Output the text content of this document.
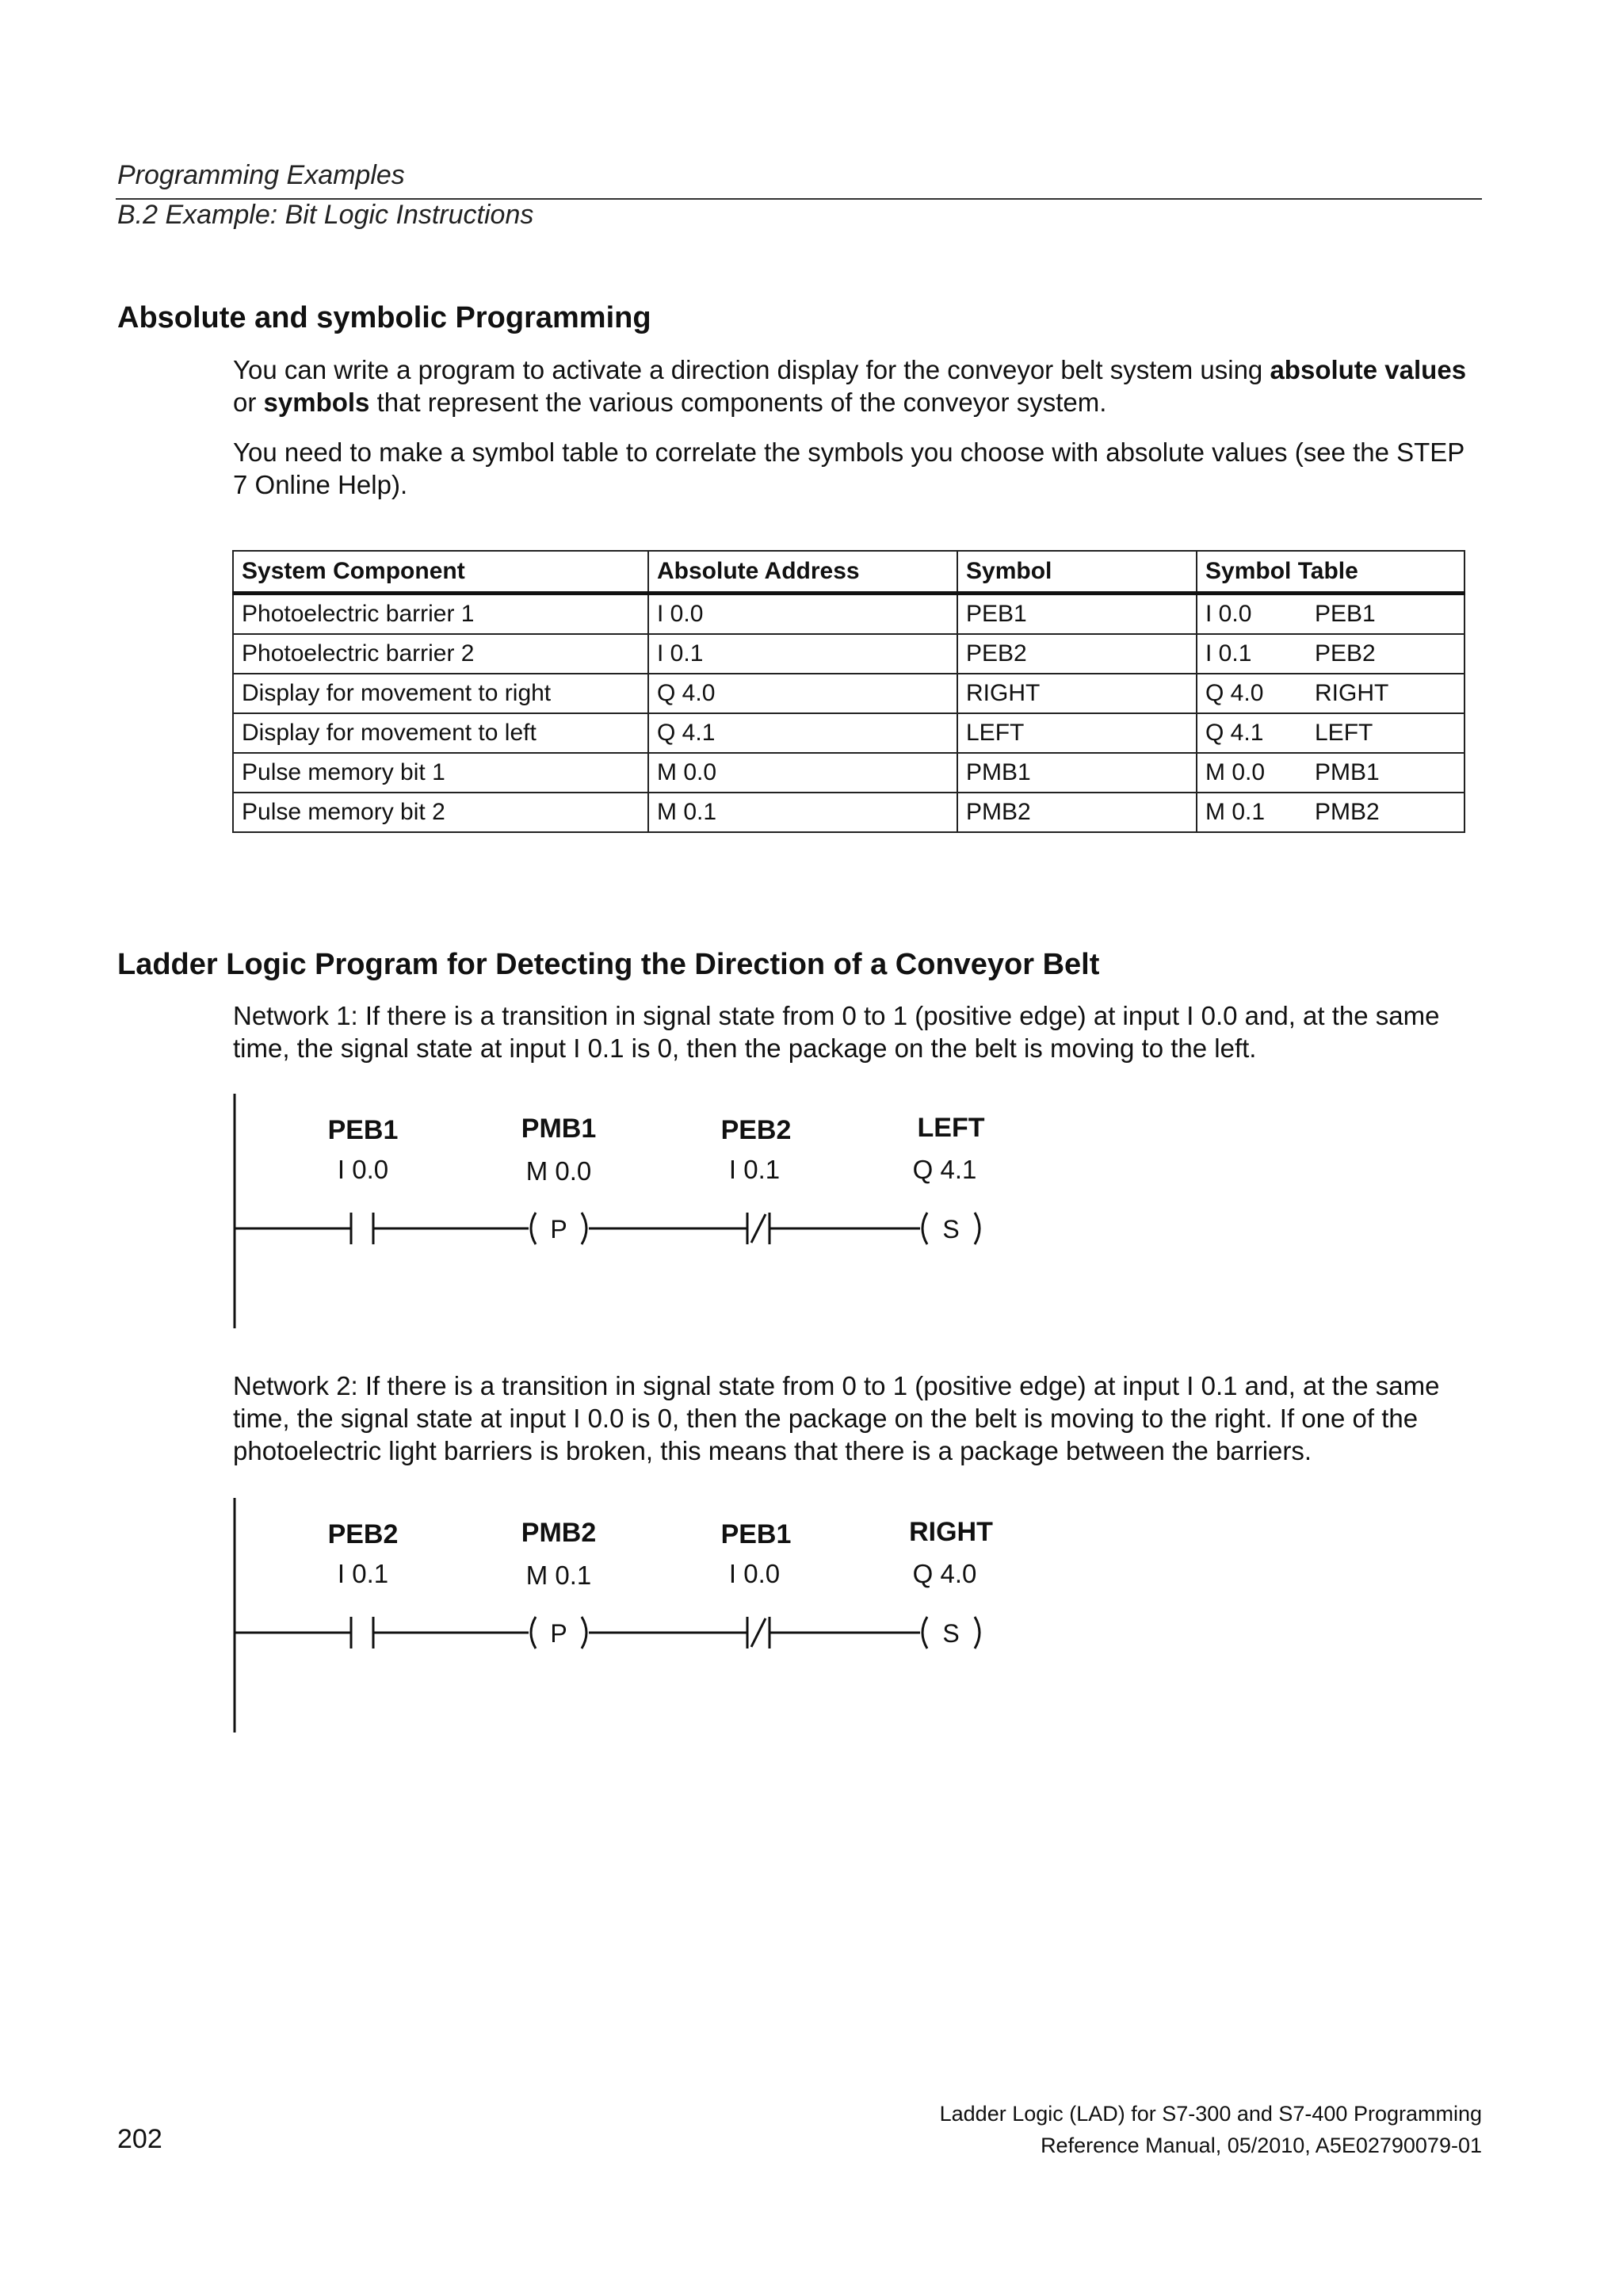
Programming Examples
B.2 Example: Bit Logic Instructions
Absolute and symbolic Programming

You can write a program to activate a direction display for the conveyor belt system using absolute values or symbols that represent the various components of the conveyor system.

You need to make a symbol table to correlate the symbols you choose with absolute values (see the STEP 7 Online Help).

System Component	Absolute Address	Symbol	Symbol Table
Photoelectric barrier 1	I 0.0	PEB1	I 0.0 PEB1
Photoelectric barrier 2	I 0.1	PEB2	I 0.1 PEB2
Display for movement to right	Q 4.0	RIGHT	Q 4.0 RIGHT
Display for movement to left	Q 4.1	LEFT	Q 4.1 LEFT
Pulse memory bit 1	M 0.0	PMB1	M 0.0 PMB1
Pulse memory bit 2	M 0.1	PMB2	M 0.1 PMB2
Ladder Logic Program for Detecting the Direction of a Conveyor Belt

Network 1: If there is a transition in signal state from 0 to 1 (positive edge) at input I 0.0 and, at the same time, the signal state at input I 0.1 is 0, then the package on the belt is moving to the left.

PEB1
I 0.0
PMB1
M 0.0
P
PEB2
I 0.1
LEFT
Q 4.1
S

Network 2: If there is a transition in signal state from 0 to 1 (positive edge) at input I 0.1 and, at the same time, the signal state at input I 0.0 is 0, then the package on the belt is moving to the right. If one of the photoelectric light barriers is broken, this means that there is a package between the barriers.

PEB2
I 0.1
PMB2
M 0.1
P
PEB1
I 0.0
RIGHT
Q 4.0
S
Ladder Logic (LAD) for S7-300 and S7-400 Programming
Reference Manual, 05/2010, A5E02790079-01
202
